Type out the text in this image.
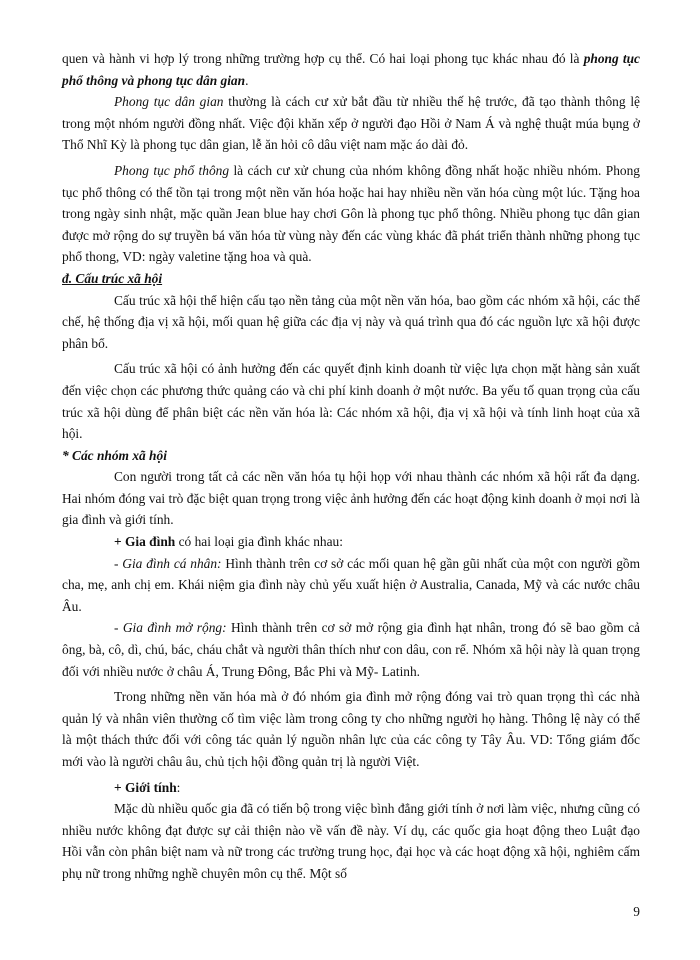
quen và hành vi hợp lý trong những trường hợp cụ thể. Có hai loại phong tục khác nhau đó là phong tục phổ thông và phong tục dân gian.

Phong tục dân gian thường là cách cư xử bắt đầu từ nhiều thế hệ trước, đã tạo thành thông lệ trong một nhóm người đồng nhất. Việc đội khăn xếp ở người đạo Hồi ở Nam Á và nghệ thuật múa bụng ở Thổ Nhĩ Kỳ là phong tục dân gian, lễ ăn hỏi cô dâu việt nam mặc áo dài đỏ.

Phong tục phổ thông là cách cư xử chung của nhóm không đồng nhất hoặc nhiều nhóm. Phong tục phổ thông có thể tồn tại trong một nền văn hóa hoặc hai hay nhiều nền văn hóa cùng một lúc. Tặng hoa trong ngày sinh nhật, mặc quần Jean blue hay chơi Gôn là phong tục phổ thông. Nhiều phong tục dân gian được mở rộng do sự truyền bá văn hóa từ vùng này đến các vùng khác đã phát triển thành những phong tục phổ thong, VD: ngày valetine tặng hoa và quà.

đ. Cấu trúc xã hội

Cấu trúc xã hội thể hiện cấu tạo nền tảng của một nền văn hóa, bao gồm các nhóm xã hội, các thể chế, hệ thống địa vị xã hội, mối quan hệ giữa các địa vị này và quá trình qua đó các nguồn lực xã hội được phân bổ.

Cấu trúc xã hội có ảnh hưởng đến các quyết định kinh doanh từ việc lựa chọn mặt hàng sản xuất đến việc chọn các phương thức quảng cáo và chi phí kinh doanh ở một nước. Ba yếu tố quan trọng của cấu trúc xã hội dùng để phân biệt các nền văn hóa là: Các nhóm xã hội, địa vị xã hội và tính linh hoạt của xã hội.

* Các nhóm xã hội

Con người trong tất cả các nền văn hóa tụ hội họp với nhau thành các nhóm xã hội rất đa dạng. Hai nhóm đóng vai trò đặc biệt quan trọng trong việc ảnh hưởng đến các hoạt động kinh doanh ở mọi nơi là gia đình và giới tính.

+ Gia đình có hai loại gia đình khác nhau:

- Gia đình cá nhân: Hình thành trên cơ sở các mối quan hệ gần gũi nhất của một con người gồm cha, mẹ, anh chị em. Khái niệm gia đình này chủ yếu xuất hiện ở Australia, Canada, Mỹ và các nước châu Âu.

- Gia đình mở rộng: Hình thành trên cơ sở mở rộng gia đình hạt nhân, trong đó sẽ bao gồm cả ông, bà, cô, dì, chú, bác, cháu chắt và người thân thích như con dâu, con rể. Nhóm xã hội này là quan trọng đối với nhiều nước ở châu Á, Trung Đông, Bắc Phi và Mỹ- Latinh.

Trong những nền văn hóa mà ở đó nhóm gia đình mở rộng đóng vai trò quan trọng thì các nhà quản lý và nhân viên thường cố tìm việc làm trong công ty cho những người họ hàng. Thông lệ này có thể là một thách thức đối với công tác quản lý nguồn nhân lực của các công ty Tây Âu. VD: Tổng giám đốc mới vào là người châu âu, chủ tịch hội đồng quản trị là người Việt.

+ Giới tính:

Mặc dù nhiều quốc gia đã có tiến bộ trong việc bình đẳng giới tính ở nơi làm việc, nhưng cũng có nhiều nước không đạt được sự cải thiện nào về vấn đề này. Ví dụ, các quốc gia hoạt động theo Luật đạo Hồi vẫn còn phân biệt nam và nữ trong các trường trung học, đại học và các hoạt động xã hội, nghiêm cấm phụ nữ trong những nghề chuyên môn cụ thể. Một số

9
